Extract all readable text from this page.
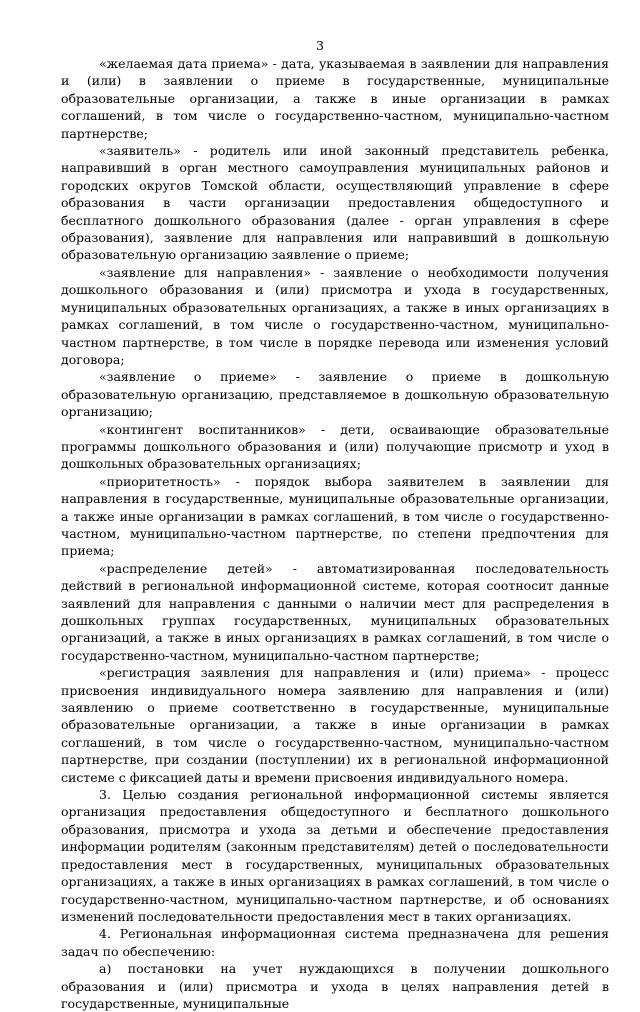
3

«желаемая дата приема» - дата, указываемая в заявлении для направления и (или) в заявлении о приеме в государственные, муниципальные образовательные организации, а также в иные организации в рамках соглашений, в том числе о государственно-частном, муниципально-частном партнерстве;

«заявитель» - родитель или иной законный представитель ребенка, направивший в орган местного самоуправления муниципальных районов и городских округов Томской области, осуществляющий управление в сфере образования в части организации предоставления общедоступного и бесплатного дошкольного образования (далее - орган управления в сфере образования), заявление для направления или направивший в дошкольную образовательную организацию заявление о приеме;

«заявление для направления» - заявление о необходимости получения дошкольного образования и (или) присмотра и ухода в государственных, муниципальных образовательных организациях, а также в иных организациях в рамках соглашений, в том числе о государственно-частном, муниципально-частном партнерстве, в том числе в порядке перевода или изменения условий договора;

«заявление о приеме» - заявление о приеме в дошкольную образовательную организацию, представляемое в дошкольную образовательную организацию;

«контингент воспитанников» - дети, осваивающие образовательные программы дошкольного образования и (или) получающие присмотр и уход в дошкольных образовательных организациях;

«приоритетность» - порядок выбора заявителем в заявлении для направления в государственные, муниципальные образовательные организации, а также иные организации в рамках соглашений, в том числе о государственно-частном, муниципально-частном партнерстве, по степени предпочтения для приема;

«распределение детей» - автоматизированная последовательность действий в региональной информационной системе, которая соотносит данные заявлений для направления с данными о наличии мест для распределения в дошкольных группах государственных, муниципальных образовательных организаций, а также в иных организациях в рамках соглашений, в том числе о государственно-частном, муниципально-частном партнерстве;

«регистрация заявления для направления и (или) приема» - процесс присвоения индивидуального номера заявлению для направления и (или) заявлению о приеме соответственно в государственные, муниципальные образовательные организации, а также в иные организации в рамках соглашений, в том числе о государственно-частном, муниципально-частном партнерстве, при создании (поступлении) их в региональной информационной системе с фиксацией даты и времени присвоения индивидуального номера.

3. Целью создания региональной информационной системы является организация предоставления общедоступного и бесплатного дошкольного образования, присмотра и ухода за детьми и обеспечение предоставления информации родителям (законным представителям) детей о последовательности предоставления мест в государственных, муниципальных образовательных организациях, а также в иных организациях в рамках соглашений, в том числе о государственно-частном, муниципально-частном партнерстве, и об основаниях изменений последовательности предоставления мест в таких организациях.

4. Региональная информационная система предназначена для решения задач по обеспечению:

а) постановки на учет нуждающихся в получении дошкольного образования и (или) присмотра и ухода в целях направления детей в государственные, муниципальные
